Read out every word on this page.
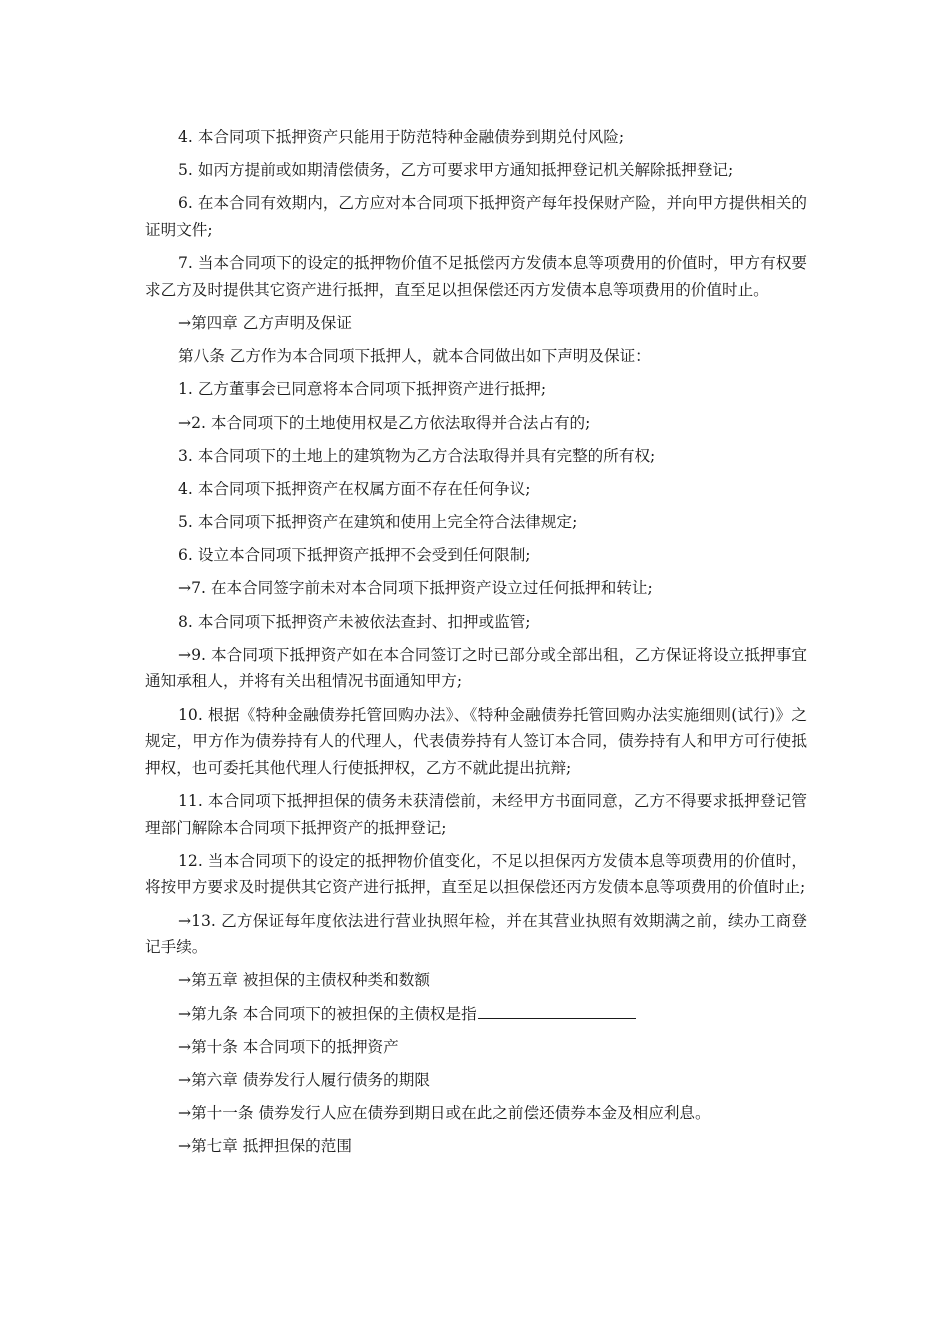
4. 本合同项下抵押资产只能用于防范特种金融债券到期兑付风险;

5. 如丙方提前或如期清偿债务，乙方可要求甲方通知抵押登记机关解除抵押登记;

6. 在本合同有效期内，乙方应对本合同项下抵押资产每年投保财产险，并向甲方提供相关的证明文件;

7. 当本合同项下的设定的抵押物价值不足抵偿丙方发债本息等项费用的价值时，甲方有权要求乙方及时提供其它资产进行抵押，直至足以担保偿还丙方发债本息等项费用的价值时止。

→第四章 乙方声明及保证

第八条 乙方作为本合同项下抵押人，就本合同做出如下声明及保证：

1. 乙方董事会已同意将本合同项下抵押资产进行抵押;

→2. 本合同项下的土地使用权是乙方依法取得并合法占有的;

3. 本合同项下的土地上的建筑物为乙方合法取得并具有完整的所有权;

4. 本合同项下抵押资产在权属方面不存在任何争议;

5. 本合同项下抵押资产在建筑和使用上完全符合法律规定;

6. 设立本合同项下抵押资产抵押不会受到任何限制;

→7. 在本合同签字前未对本合同项下抵押资产设立过任何抵押和转让;

8. 本合同项下抵押资产未被依法查封、扣押或监管;

→9. 本合同项下抵押资产如在本合同签订之时已部分或全部出租，乙方保证将设立抵押事宜通知承租人，并将有关出租情况书面通知甲方;

10. 根据《特种金融债券托管回购办法》、《特种金融债券托管回购办法实施细则(试行)》之规定，甲方作为债券持有人的代理人，代表债券持有人签订本合同，债券持有人和甲方可行使抵押权，也可委托其他代理人行使抵押权，乙方不就此提出抗辩;

11. 本合同项下抵押担保的债务未获清偿前，未经甲方书面同意，乙方不得要求抵押登记管理部门解除本合同项下抵押资产的抵押登记;

12. 当本合同项下的设定的抵押物价值变化，不足以担保丙方发债本息等项费用的价值时，将按甲方要求及时提供其它资产进行抵押，直至足以担保偿还丙方发债本息等项费用的价值时止;

→13. 乙方保证每年度依法进行营业执照年检，并在其营业执照有效期满之前，续办工商登记手续。

→第五章 被担保的主债权种类和数额

→第九条 本合同项下的被担保的主债权是指

→第十条 本合同项下的抵押资产

→第六章 债券发行人履行债务的期限

→第十一条 债券发行人应在债券到期日或在此之前偿还债券本金及相应利息。

→第七章 抵押担保的范围
